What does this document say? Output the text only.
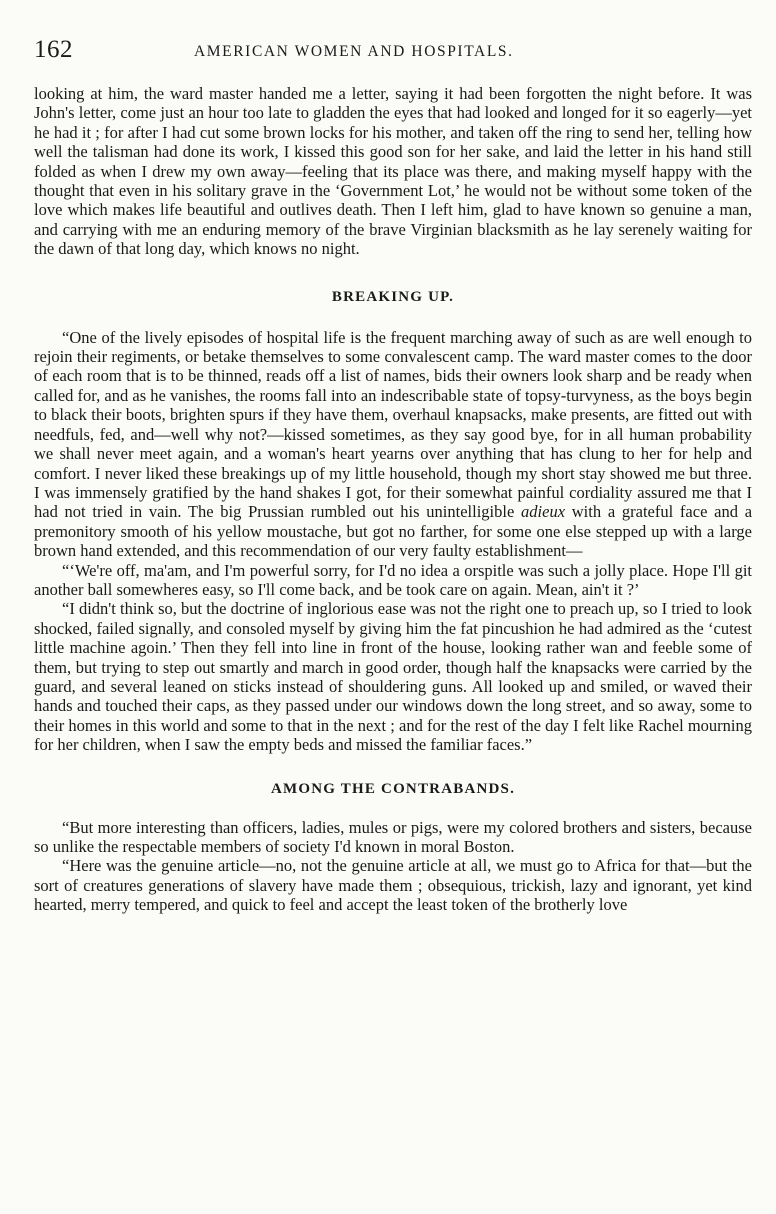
162	AMERICAN WOMEN AND HOSPITALS.

looking at him, the ward master handed me a letter, saying it had been forgotten the night before. It was John's letter, come just an hour too late to gladden the eyes that had looked and longed for it so eagerly—yet he had it ; for after I had cut some brown locks for his mother, and taken off the ring to send her, telling how well the talisman had done its work, I kissed this good son for her sake, and laid the letter in his hand still folded as when I drew my own away—feeling that its place was there, and making myself happy with the thought that even in his solitary grave in the ‘Government Lot,’ he would not be without some token of the love which makes life beautiful and outlives death. Then I left him, glad to have known so genuine a man, and carrying with me an enduring memory of the brave Virginian blacksmith as he lay serenely waiting for the dawn of that long day, which knows no night.

BREAKING UP.

“One of the lively episodes of hospital life is the frequent marching away of such as are well enough to rejoin their regiments, or betake themselves to some convalescent camp. The ward master comes to the door of each room that is to be thinned, reads off a list of names, bids their owners look sharp and be ready when called for, and as he vanishes, the rooms fall into an indescribable state of topsy-turvyness, as the boys begin to black their boots, brighten spurs if they have them, overhaul knapsacks, make presents, are fitted out with needfuls, fed, and—well why not?—kissed sometimes, as they say good bye, for in all human probability we shall never meet again, and a woman's heart yearns over anything that has clung to her for help and comfort. I never liked these breakings up of my little household, though my short stay showed me but three. I was immensely gratified by the hand shakes I got, for their somewhat painful cordiality assured me that I had not tried in vain. The big Prussian rumbled out his unintelligible adieux with a grateful face and a premonitory smooth of his yellow moustache, but got no farther, for some one else stepped up with a large brown hand extended, and this recommendation of our very faulty establishment—

“‘We're off, ma'am, and I'm powerful sorry, for I'd no idea a orspitle was such a jolly place. Hope I'll git another ball somewheres easy, so I'll come back, and be took care on again. Mean, ain't it ?’

“I didn't think so, but the doctrine of inglorious ease was not the right one to preach up, so I tried to look shocked, failed signally, and consoled myself by giving him the fat pincushion he had admired as the ‘cutest little machine agoin.’ Then they fell into line in front of the house, looking rather wan and feeble some of them, but trying to step out smartly and march in good order, though half the knapsacks were carried by the guard, and several leaned on sticks instead of shouldering guns. All looked up and smiled, or waved their hands and touched their caps, as they passed under our windows down the long street, and so away, some to their homes in this world and some to that in the next ; and for the rest of the day I felt like Rachel mourning for her children, when I saw the empty beds and missed the familiar faces.”

AMONG THE CONTRABANDS.

“But more interesting than officers, ladies, mules or pigs, were my colored brothers and sisters, because so unlike the respectable members of society I'd known in moral Boston.

“Here was the genuine article—no, not the genuine article at all, we must go to Africa for that—but the sort of creatures generations of slavery have made them ; obsequious, trickish, lazy and ignorant, yet kind hearted, merry tempered, and quick to feel and accept the least token of the brotherly love
